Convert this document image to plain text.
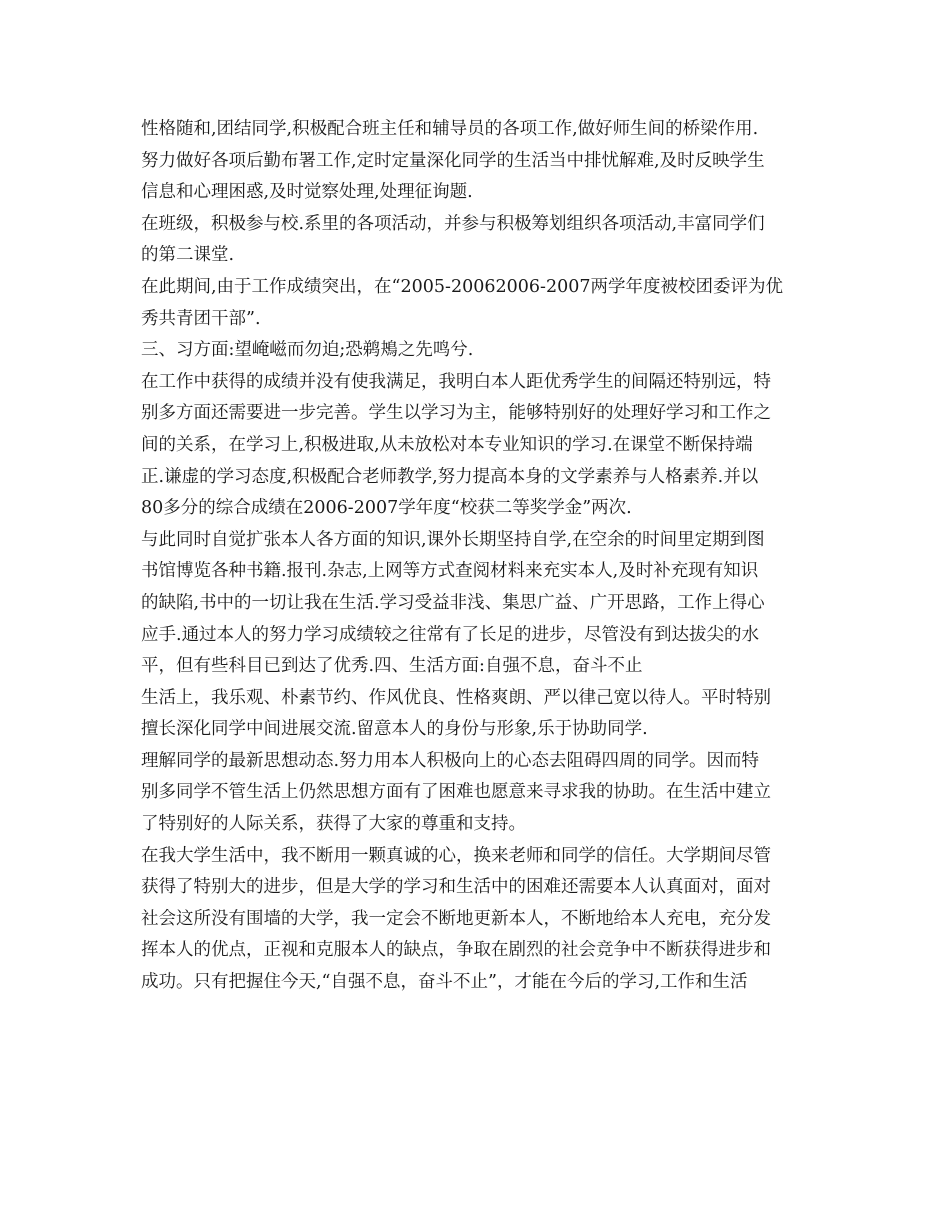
性格随和,团结同学,积极配合班主任和辅导员的各项工作,做好师生间的桥梁作用.
努力做好各项后勤布署工作,定时定量深化同学的生活当中排忧解难,及时反映学生
信息和心理困惑,及时觉察处理,处理征询题.
在班级，积极参与校.系里的各项活动，并参与积极筹划组织各项活动,丰富同学们
的第二课堂.
在此期间,由于工作成绩突出，在“2005-20062006-2007两学年度被校团委评为优
秀共青团干部”.
三、习方面:望崦嵫而勿迫;恐鹈鴂之先鸣兮.
在工作中获得的成绩并没有使我满足，我明白本人距优秀学生的间隔还特别远，特
别多方面还需要进一步完善。学生以学习为主，能够特别好的处理好学习和工作之
间的关系，在学习上,积极进取,从未放松对本专业知识的学习.在课堂不断保持端
正.谦虚的学习态度,积极配合老师教学,努力提高本身的文学素养与人格素养.并以
80多分的综合成绩在2006-2007学年度“校获二等奖学金”两次.
与此同时自觉扩张本人各方面的知识,课外长期坚持自学,在空余的时间里定期到图
书馆博览各种书籍.报刊.杂志,上网等方式查阅材料来充实本人,及时补充现有知识
的缺陷,书中的一切让我在生活.学习受益非浅、集思广益、广开思路，工作上得心
应手.通过本人的努力学习成绩较之往常有了长足的进步，尽管没有到达拔尖的水
平，但有些科目已到达了优秀.四、生活方面:自强不息，奋斗不止
生活上，我乐观、朴素节约、作风优良、性格爽朗、严以律己宽以待人。平时特别
擅长深化同学中间进展交流.留意本人的身份与形象,乐于协助同学.
理解同学的最新思想动态.努力用本人积极向上的心态去阻碍四周的同学。因而特
别多同学不管生活上仍然思想方面有了困难也愿意来寻求我的协助。在生活中建立
了特别好的人际关系，获得了大家的尊重和支持。
在我大学生活中，我不断用一颗真诚的心，换来老师和同学的信任。大学期间尽管
获得了特别大的进步，但是大学的学习和生活中的困难还需要本人认真面对，面对
社会这所没有围墙的大学，我一定会不断地更新本人，不断地给本人充电，充分发
挥本人的优点，正视和克服本人的缺点，争取在剧烈的社会竞争中不断获得进步和
成功。只有把握住今天,“自强不息，奋斗不止”，才能在今后的学习,工作和生活
